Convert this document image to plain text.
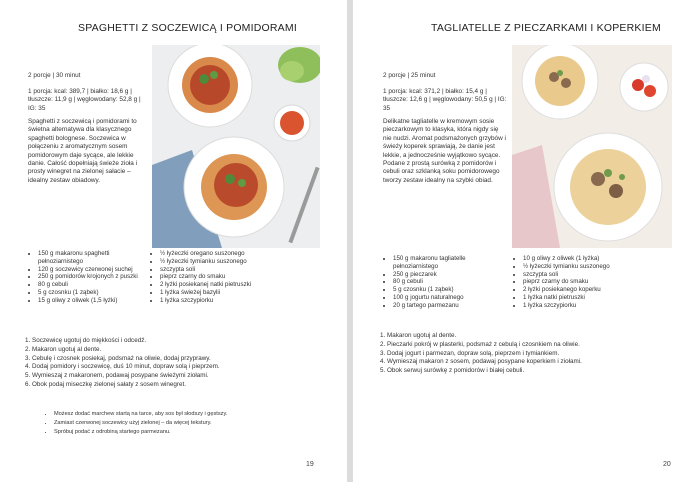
SPAGHETTI Z SOCZEWICĄ I POMIDORAMI
2 porcje | 30 minut
1 porcja: kcal: 389,7 | białko: 18,6 g | tłuszcze: 11,9 g | węglowodany: 52,8 g | IG: 35
Spaghetti z soczewicą i pomidorami to świetna alternatywa dla klasycznego spaghetti bolognese. Soczewica w połączeniu z aromatycznym sosem pomidorowym daje sycące, ale lekkie danie. Całość dopełniają świeże zioła i prosty winegret na zielonej sałacie – idealny zestaw obiadowy.
• 150 g makaronu spaghetti pełnoziarnistego
• 120 g soczewicy czerwonej suchej
• 250 g pomidorów krojonych z puszki
• 80 g cebuli
• 5 g czosnku (1 ząbek)
• 15 g oliwy z oliwek (1,5 łyżki)
• ½ łyżeczki oregano suszonego
• ½ łyżeczki tymianku suszonego
• szczypta soli
• pieprz czarny do smaku
• 2 łyżki posiekanej natki pietruszki
• 1 łyżka świeżej bazylii
• 1 łyżka szczypiorku
1. Soczewicę ugotuj do miękkości i odcedź.
2. Makaron ugotuj al dente.
3. Cebulę i czosnek posiekaj, podsmaż na oliwie, dodaj przyprawy.
4. Dodaj pomidory i soczewicę, duś 10 minut, dopraw solą i pieprzem.
5. Wymieszaj z makaronem, podawaj posypane świeżymi ziołami.
6. Obok podaj miseczkę zielonej sałaty z sosem winegret.
• Możesz dodać marchew startą na tarce, aby sos był słodszy i gęstszy.
• Zamiast czerwonej soczewicy użyj zielonej – da więcej tekstury.
• Spróbuj podać z odrobiną startego parmezanu.
19
TAGLIATELLE Z PIECZARKAMI I KOPERKIEM
2 porcje | 25 minut
1 porcja: kcal: 371,2 | białko: 15,4 g | tłuszcze: 12,6 g | węglowodany: 50,5 g | IG: 35
Delikatne tagliatelle w kremowym sosie pieczarkowym to klasyka, która nigdy się nie nudzi. Aromat podsmażonych grzybów i świeży koperek sprawiają, że danie jest lekkie, a jednocześnie wyjątkowo sycące. Podane z prostą surówką z pomidorów i cebuli oraz szklanką soku pomidorowego tworzy zestaw idealny na szybki obiad.
• 150 g makaronu tagliatelle pełnoziarnistego
• 250 g pieczarek
• 80 g cebuli
• 5 g czosnku (1 ząbek)
• 100 g jogurtu naturalnego
• 20 g tartego parmezanu
• 10 g oliwy z oliwek (1 łyżka)
• ½ łyżeczki tymianku suszonego
• szczypta soli
• pieprz czarny do smaku
• 2 łyżki posiekanego koperku
• 1 łyżka natki pietruszki
• 1 łyżka szczypiorku
1. Makaron ugotuj al dente.
2. Pieczarki pokrój w plasterki, podsmaż z cebulą i czosnkiem na oliwie.
3. Dodaj jogurt i parmezan, dopraw solą, pieprzem i tymiankiem.
4. Wymieszaj makaron z sosem, podawaj posypane koperkiem i ziołami.
5. Obok serwuj surówkę z pomidorów i białej cebuli.
20
